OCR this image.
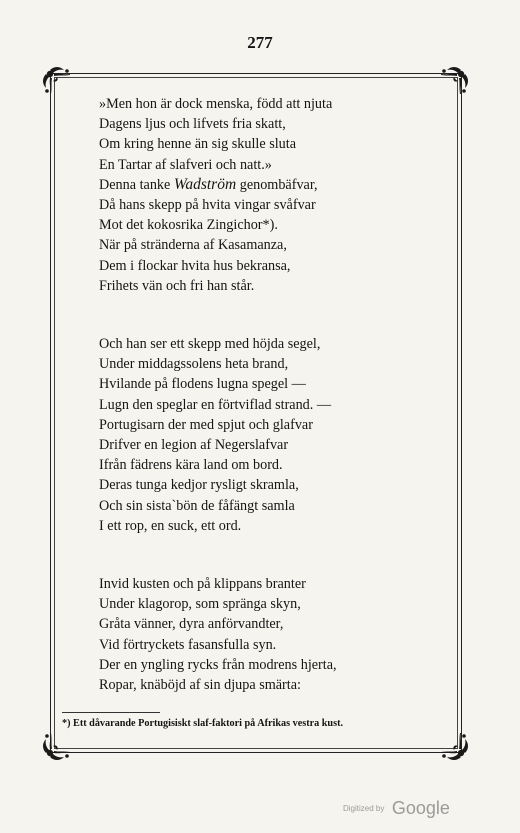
277
»Men hon är dock menska, född att njuta
Dagens ljus och lifvets fria skatt,
Om kring henne än sig skulle sluta
En Tartar af slafveri och natt.»
Denna tanke Wadström genombäfvar,
Då hans skepp på hvita vingar svåfvar
Mot det kokosrika Zingichor*).
När på stränderna af Kasamanza,
Dem i flockar hvita hus bekransa,
Frihets vän och fri han står.
Och han ser ett skepp med höjda segel,
Under middagssolens heta brand,
Hvilande på flodens lugna spegel —
Lugn den speglar en förtviflad strand. —
Portugisarn der med spjut och glafvar
Drifver en legion af Negerslafvar
Ifrån fädrens kära land om bord.
Deras tunga kedjor rysligt skramla,
Och sin sista`bön de fåfängt samla
I ett rop, en suck, ett ord.
Invid kusten och på klippans branter
Under klagorop, som spränga skyn,
Gråta vänner, dyra anförvandter,
Vid förtryckets fasansfulla syn.
Der en yngling rycks från modrens hjerta,
Ropar, knäböjd af sin djupa smärta:
*) Ett dåvarande Portugisiskt slaf-faktori på Afrikas vestra kust.
Digitized by Google
